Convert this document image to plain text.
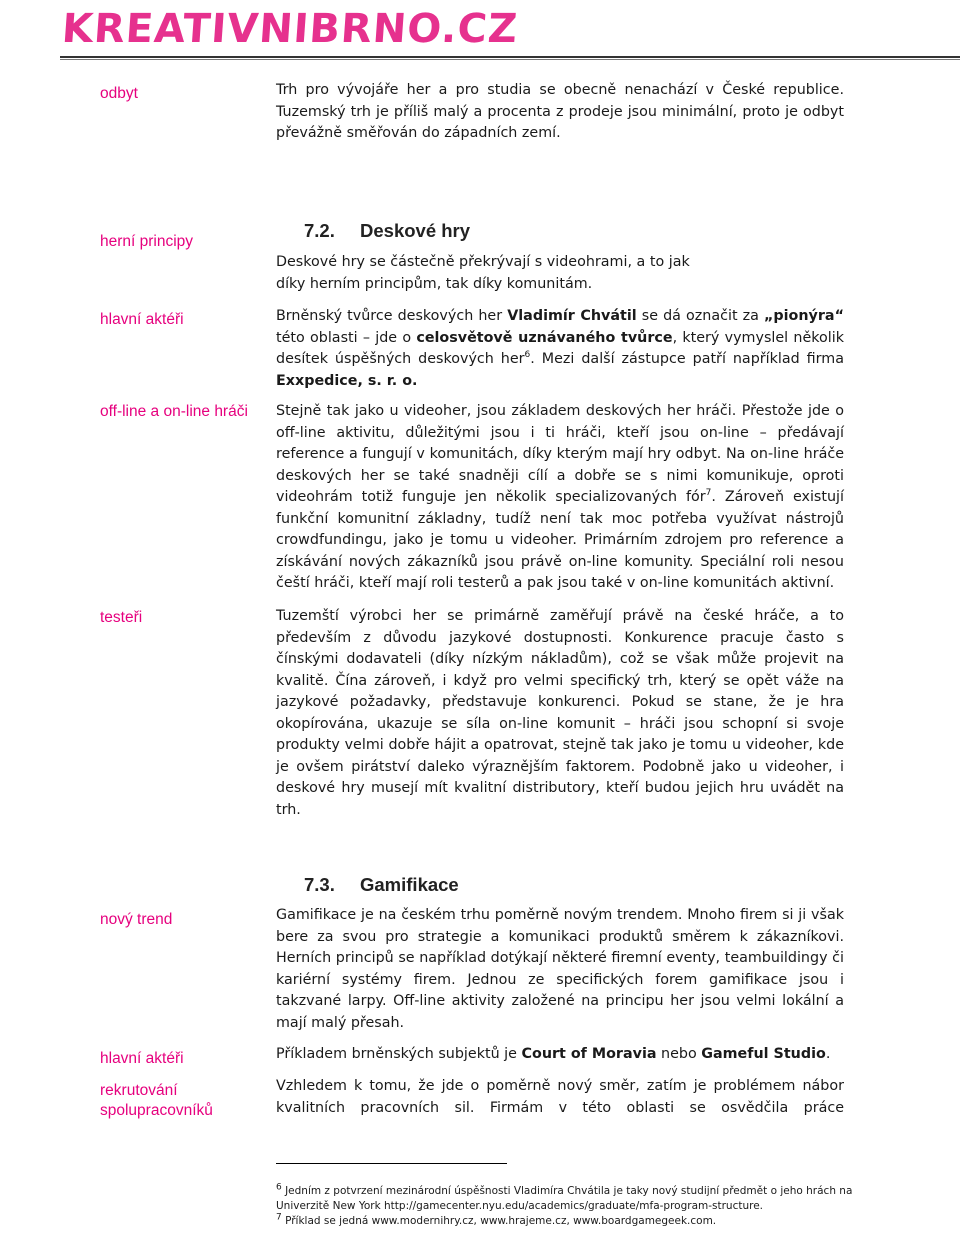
KREATIVNIBRNO.CZ
odbyt
herní principy
hlavní aktéři
off-line a on-line hráči
testeři
nový trend
hlavní aktéři
rekrutování
spolupracovníků
Trh pro vývojáře her a pro studia se obecně nenachází v České republice. Tuzemský trh je příliš malý a procenta z prodeje jsou minimální, proto je odbyt převážně směřován do západních zemí.
7.2. Deskové hry
Deskové hry se částečně překrývají s videohrami, a to jak díky herním principům, tak díky komunitám.
Brněnský tvůrce deskových her Vladimír Chvátil se dá označit za „pionýra“ této oblasti – jde o celosvětově uznávaného tvůrce, který vymyslel několik desítek úspěšných deskových her$^6$. Mezi další zástupce patří například firma Exxpedice, s. r. o.
Stejně tak jako u videoher, jsou základem deskových her hráči. Přestože jde o off-line aktivitu, důležitými jsou i ti hráči, kteří jsou on-line – předávají reference a fungují v komunitách, díky kterým mají hry odbyt. Na on-line hráče deskových her se také snadněji cílí a dobře se s nimi komunikuje, oproti videohrám totiž funguje jen několik specializovaných fór$^7$. Zároveň existují funkční komunitní základny, tudíž není tak moc potřeba využívat nástrojů crowdfundingu, jako je tomu u videoher. Primárním zdrojem pro reference a získávání nových zákazníků jsou právě on-line komunity. Speciální roli nesou čeští hráči, kteří mají roli testerů a pak jsou také v on-line komunitách aktivní.
Tuzemští výrobci her se primárně zaměřují právě na české hráče, a to především z důvodu jazykové dostupnosti. Konkurence pracuje často s čínskými dodavateli (díky nízkým nákladům), což se však může projevit na kvalitě. Čína zároveň, i když pro velmi specifický trh, který se opět váže na jazykové požadavky, představuje konkurenci. Pokud se stane, že je hra okopírována, ukazuje se síla on-line komunit – hráči jsou schopní si svoje produkty velmi dobře hájit a opatrovat, stejně tak jako je tomu u videoher, kde je ovšem pirátství daleko výraznějším faktorem. Podobně jako u videoher, i deskové hry musejí mít kvalitní distributory, kteří budou jejich hru uvádět na trh.
7.3. Gamifikace
Gamifikace je na českém trhu poměrně novým trendem. Mnoho firem si ji však bere za svou pro strategie a komunikaci produktů směrem k zákazníkovi. Herních principů se například dotýkají některé firemní eventy, teambuildingy či kariérní systémy firem. Jednou ze specifických forem gamifikace jsou i takzvané larpy. Off-line aktivity založené na principu her jsou velmi lokální a mají malý přesah.
Příkladem brněnských subjektů je Court of Moravia nebo Gameful Studio.
Vzhledem k tomu, že jde o poměrně nový směr, zatím je problémem nábor kvalitních pracovních sil. Firmám v této oblasti se osvědčila práce
$^6$ Jedním z potvrzení mezinárodní úspěšnosti Vladimíra Chvátila je taky nový studijní předmět o jeho hrách na Univerzitě New York http://gamecenter.nyu.edu/academics/graduate/mfa-program-structure.
$^7$ Příklad se jedná www.modernihry.cz, www.hrajeme.cz, www.boardgamegeek.com.
